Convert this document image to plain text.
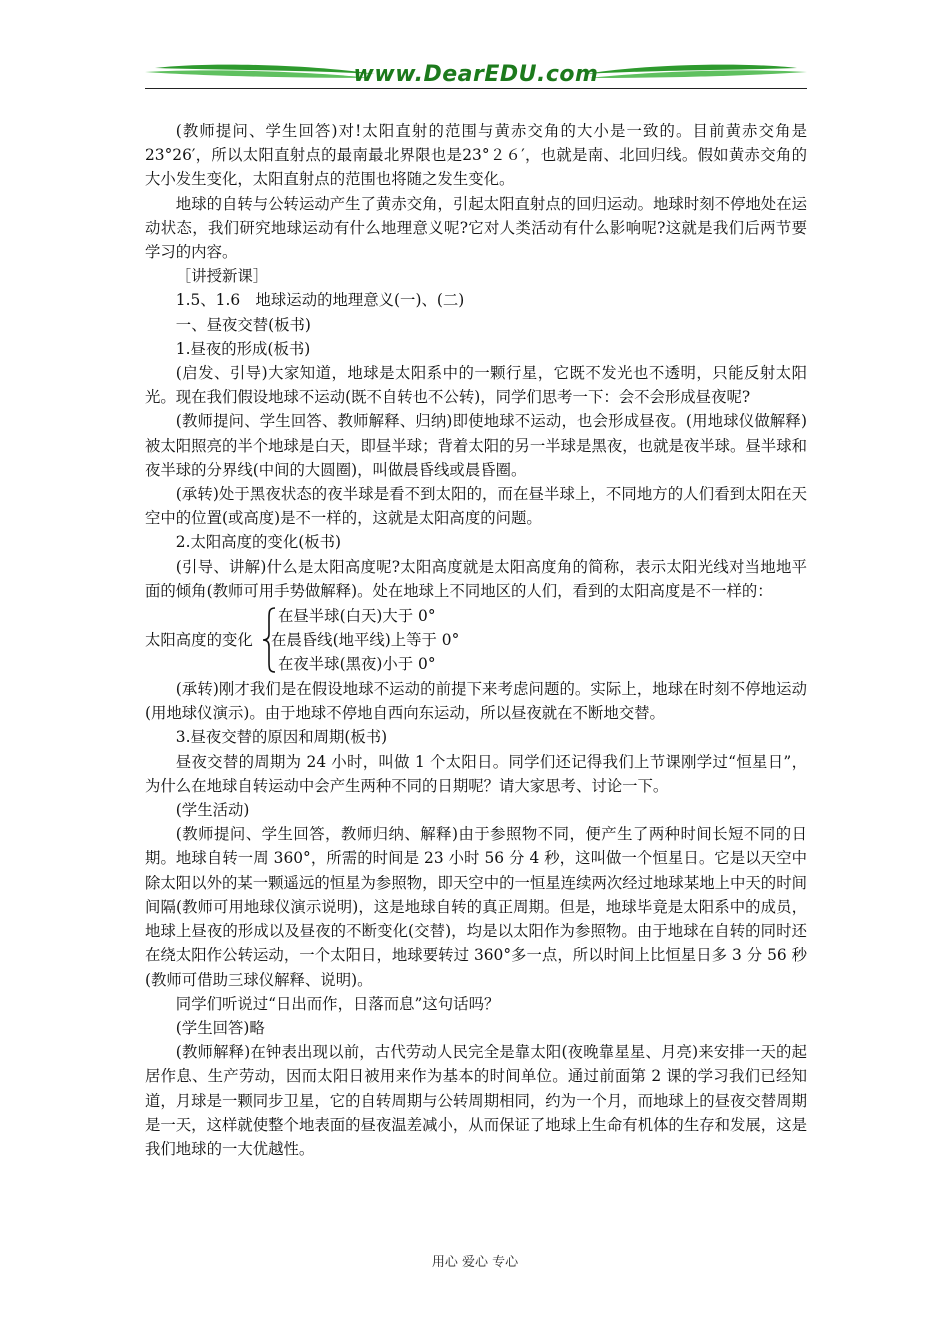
www.DearEDU.com

(教师提问、学生回答)对!太阳直射的范围与黄赤交角的大小是一致的。目前黄赤交角是23°26′，所以太阳直射点的最南最北界限也是23°２６′，也就是南、北回归线。假如黄赤交角的大小发生变化，太阳直射点的范围也将随之发生变化。

地球的自转与公转运动产生了黄赤交角，引起太阳直射点的回归运动。地球时刻不停地处在运动状态，我们研究地球运动有什么地理意义呢?它对人类活动有什么影响呢?这就是我们后两节要学习的内容。

［讲授新课］

1.5、1.6　地球运动的地理意义(一)、(二)

一、昼夜交替(板书)

1.昼夜的形成(板书)

(启发、引导)大家知道，地球是太阳系中的一颗行星，它既不发光也不透明，只能反射太阳光。现在我们假设地球不运动(既不自转也不公转)，同学们思考一下：会不会形成昼夜呢?

(教师提问、学生回答、教师解释、归纳)即使地球不运动，也会形成昼夜。(用地球仪做解释)被太阳照亮的半个地球是白天，即昼半球；背着太阳的另一半球是黑夜，也就是夜半球。昼半球和夜半球的分界线(中间的大圆圈)，叫做晨昏线或晨昏圈。

(承转)处于黑夜状态的夜半球是看不到太阳的，而在昼半球上，不同地方的人们看到太阳在天空中的位置(或高度)是不一样的，这就是太阳高度的问题。

2.太阳高度的变化(板书)

(引导、讲解)什么是太阳高度呢?太阳高度就是太阳高度角的简称，表示太阳光线对当地地平面的倾角(教师可用手势做解释)。处在地球上不同地区的人们，看到的太阳高度是不一样的：

太阳高度的变化
在昼半球(白天)大于 0°
在晨昏线(地平线)上等于 0°
在夜半球(黑夜)小于 0°

(承转)刚才我们是在假设地球不运动的前提下来考虑问题的。实际上，地球在时刻不停地运动(用地球仪演示)。由于地球不停地自西向东运动，所以昼夜就在不断地交替。

3.昼夜交替的原因和周期(板书)

昼夜交替的周期为 24 小时，叫做 1 个太阳日。同学们还记得我们上节课刚学过“恒星日”，为什么在地球自转运动中会产生两种不同的日期呢？请大家思考、讨论一下。

(学生活动)

(教师提问、学生回答，教师归纳、解释)由于参照物不同，便产生了两种时间长短不同的日期。地球自转一周 360°，所需的时间是 23 小时 56 分 4 秒，这叫做一个恒星日。它是以天空中除太阳以外的某一颗遥远的恒星为参照物，即天空中的一恒星连续两次经过地球某地上中天的时间间隔(教师可用地球仪演示说明)，这是地球自转的真正周期。但是，地球毕竟是太阳系中的成员，地球上昼夜的形成以及昼夜的不断变化(交替)，均是以太阳作为参照物。由于地球在自转的同时还在绕太阳作公转运动，一个太阳日，地球要转过 360°多一点，所以时间上比恒星日多 3 分 56 秒(教师可借助三球仪解释、说明)。

同学们听说过“日出而作，日落而息”这句话吗？

(学生回答)略

(教师解释)在钟表出现以前，古代劳动人民完全是靠太阳(夜晚靠星星、月亮)来安排一天的起居作息、生产劳动，因而太阳日被用来作为基本的时间单位。通过前面第 2 课的学习我们已经知道，月球是一颗同步卫星，它的自转周期与公转周期相同，约为一个月，而地球上的昼夜交替周期是一天，这样就使整个地表面的昼夜温差减小，从而保证了地球上生命有机体的生存和发展，这是我们地球的一大优越性。

用心 爱心 专心
